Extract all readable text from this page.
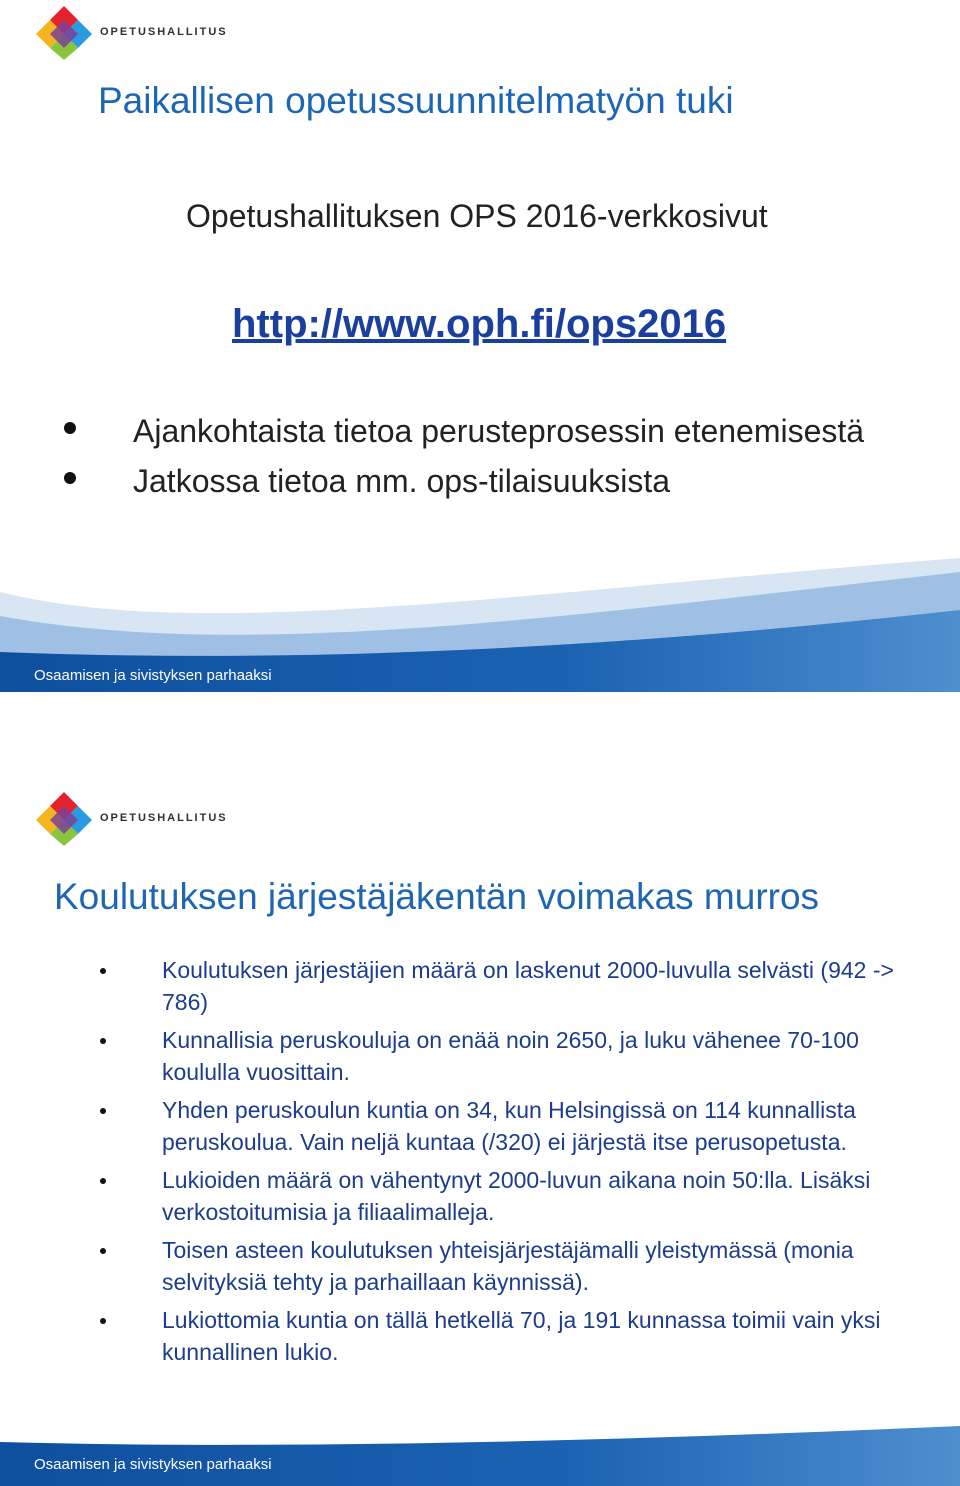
OPETUSHALLITUS
Paikallisen opetussuunnitelmatyön tuki
Opetushallituksen OPS 2016-verkkosivut
http://www.oph.fi/ops2016
Ajankohtaista tietoa perusteprosessin etenemisestä
Jatkossa tietoa mm. ops-tilaisuuksista
Osaamisen ja sivistyksen parhaaksi
OPETUSHALLITUS
Koulutuksen järjestäjäkentän voimakas murros
Koulutuksen järjestäjien määrä on laskenut 2000-luvulla selvästi (942 -> 786)
Kunnallisia peruskouluja on enää noin 2650, ja luku vähenee 70-100 koululla vuosittain.
Yhden peruskoulun kuntia on 34, kun Helsingissä on 114 kunnallista peruskoulua. Vain neljä kuntaa (/320) ei järjestä itse perusopetusta.
Lukioiden määrä on vähentynyt 2000-luvun aikana noin 50:lla. Lisäksi verkostoitumisia ja filiaalimalleja.
Toisen asteen koulutuksen yhteisjärjestäjämalli yleistymässä (monia selvityksiä tehty ja parhaillaan käynnissä).
Lukiottomia kuntia on tällä hetkellä 70, ja 191 kunnassa toimii vain yksi kunnallinen lukio.
Osaamisen ja sivistyksen parhaaksi
